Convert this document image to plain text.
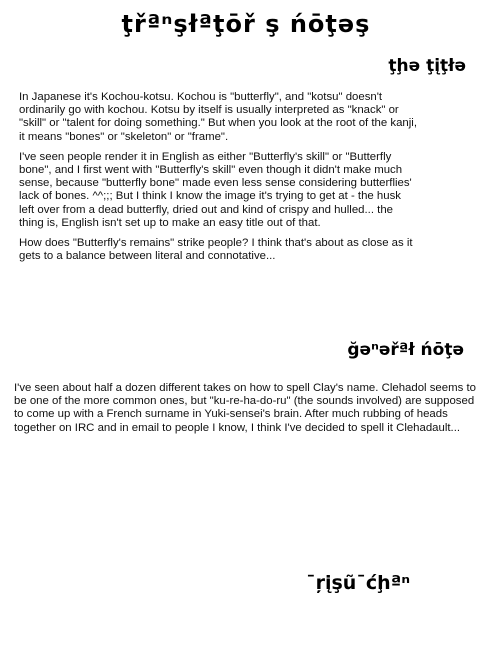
ţřªⁿşłªţōř ş ńōţəş
ţḩə ţįţłə

In Japanese it's Kochou-kotsu. Kochou is "butterfly", and "kotsu" doesn't ordinarily go with kochou. Kotsu by itself is usually interpreted as "knack" or "skill" or "talent for doing something." But when you look at the root of the kanji, it means "bones" or "skeleton" or "frame".

I've seen people render it in English as either "Butterfly's skill" or "Butterfly bone", and I first went with "Butterfly's skill" even though it didn't make much sense, because "butterfly bone" made even less sense considering butterflies' lack of bones. ^^;;; But I think I know the image it's trying to get at - the husk left over from a dead butterfly, dried out and kind of crispy and hulled... the thing is, English isn't set up to make an easy title out of that.

How does "Butterfly's remains" strike people? I think that's about as close as it gets to a balance between literal and connotative...

ğəⁿəřªł ńōţə

I've seen about half a dozen different takes on how to spell Clay's name. Clehadol seems to be one of the more common ones, but "ku-re-ha-do-ru" (the sounds involved) are supposed to come up with a French surname in Yuki-sensei's brain. After much rubbing of heads together on IRC and in email to people I know, I think I've decided to spell it Clehadault...

¯ŗįşũ¯ćḩªⁿ
